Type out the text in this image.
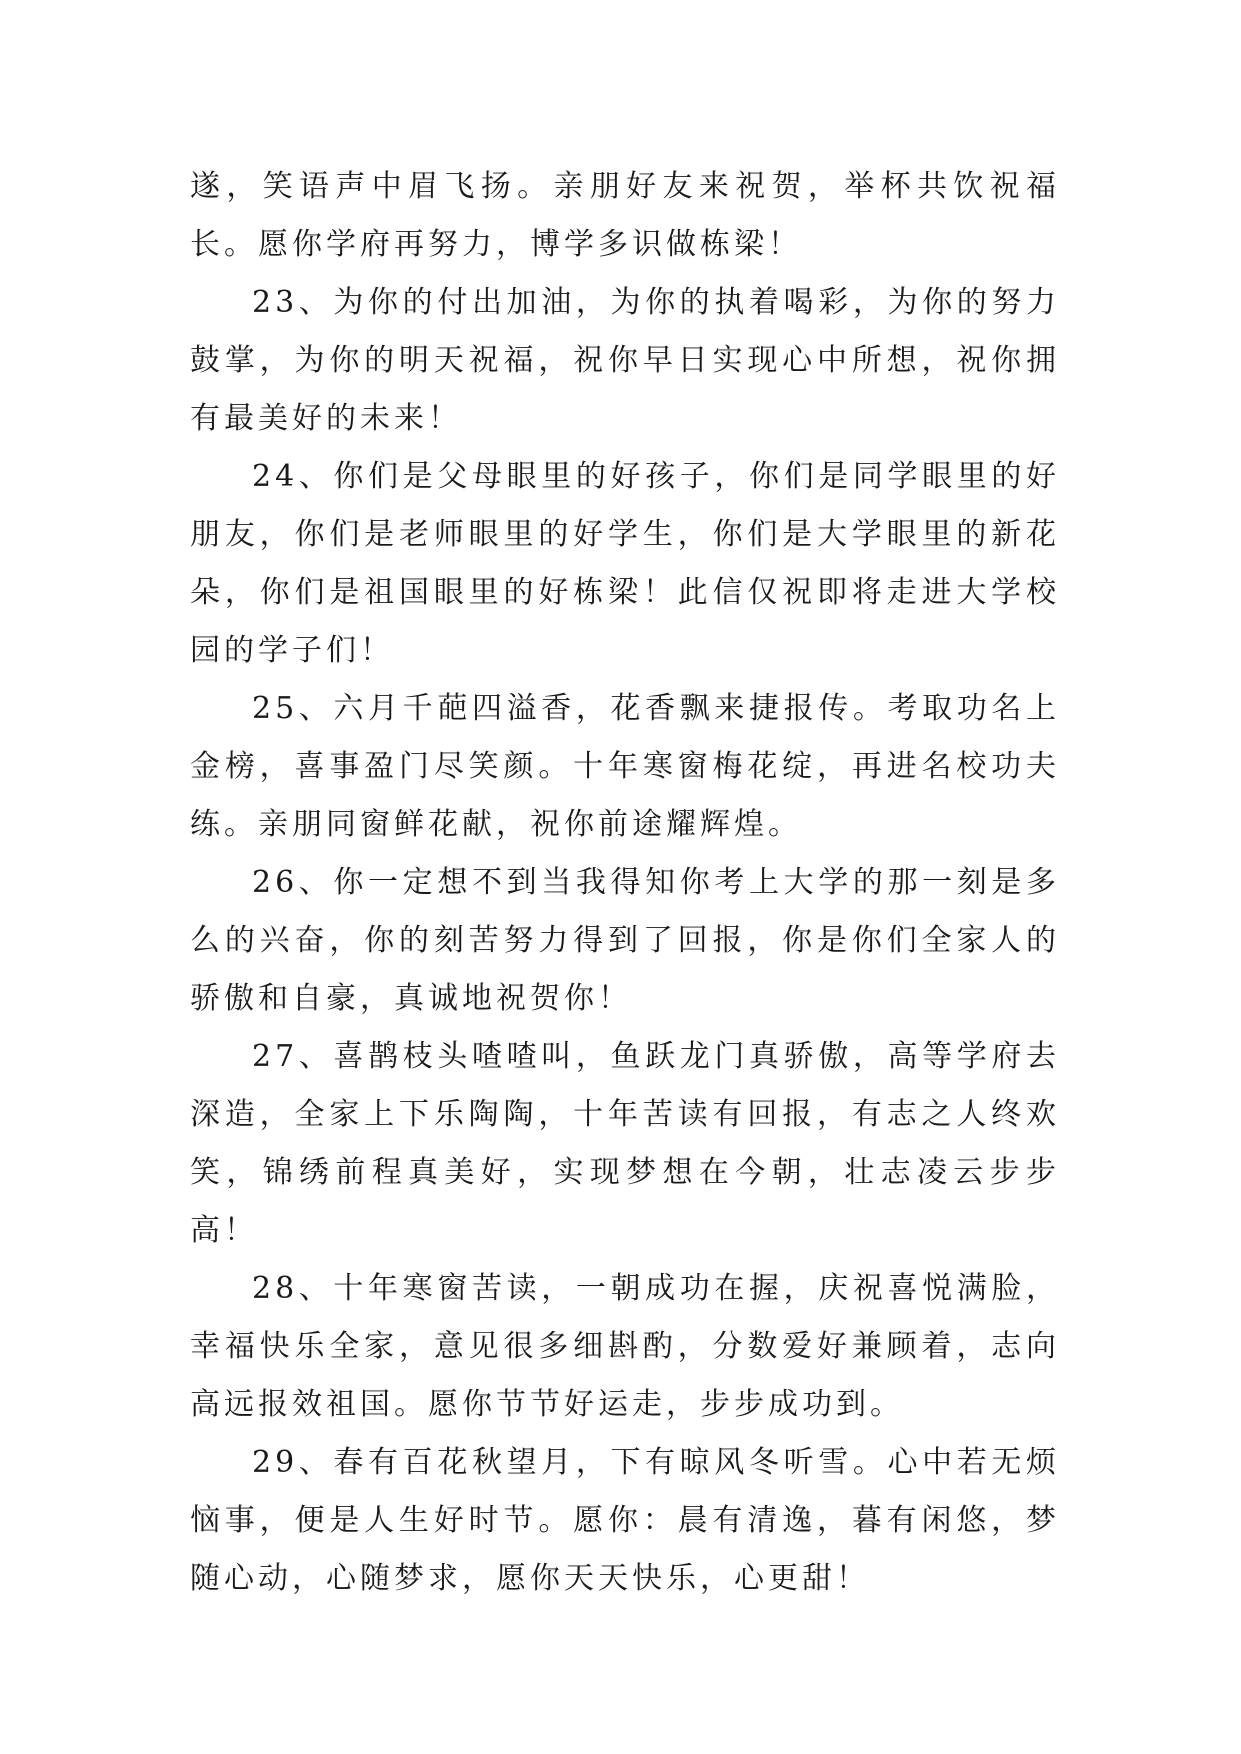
遂，笑语声中眉飞扬。亲朋好友来祝贺，举杯共饮祝福长。愿你学府再努力，博学多识做栋梁！

23、为你的付出加油，为你的执着喝彩，为你的努力鼓掌，为你的明天祝福，祝你早日实现心中所想，祝你拥有最美好的未来！

24、你们是父母眼里的好孩子，你们是同学眼里的好朋友，你们是老师眼里的好学生，你们是大学眼里的新花朵，你们是祖国眼里的好栋梁！此信仅祝即将走进大学校园的学子们！

25、六月千葩四溢香，花香飘来捷报传。考取功名上金榜，喜事盈门尽笑颜。十年寒窗梅花绽，再进名校功夫练。亲朋同窗鲜花献，祝你前途耀辉煌。

26、你一定想不到当我得知你考上大学的那一刻是多么的兴奋，你的刻苦努力得到了回报，你是你们全家人的骄傲和自豪，真诚地祝贺你！

27、喜鹊枝头喳喳叫，鱼跃龙门真骄傲，高等学府去深造，全家上下乐陶陶，十年苦读有回报，有志之人终欢笑，锦绣前程真美好，实现梦想在今朝，壮志凌云步步高！

28、十年寒窗苦读，一朝成功在握，庆祝喜悦满脸，幸福快乐全家，意见很多细斟酌，分数爱好兼顾着，志向高远报效祖国。愿你节节好运走，步步成功到。

29、春有百花秋望月，下有晾风冬听雪。心中若无烦恼事，便是人生好时节。愿你：晨有清逸，暮有闲悠，梦随心动，心随梦求，愿你天天快乐，心更甜！
